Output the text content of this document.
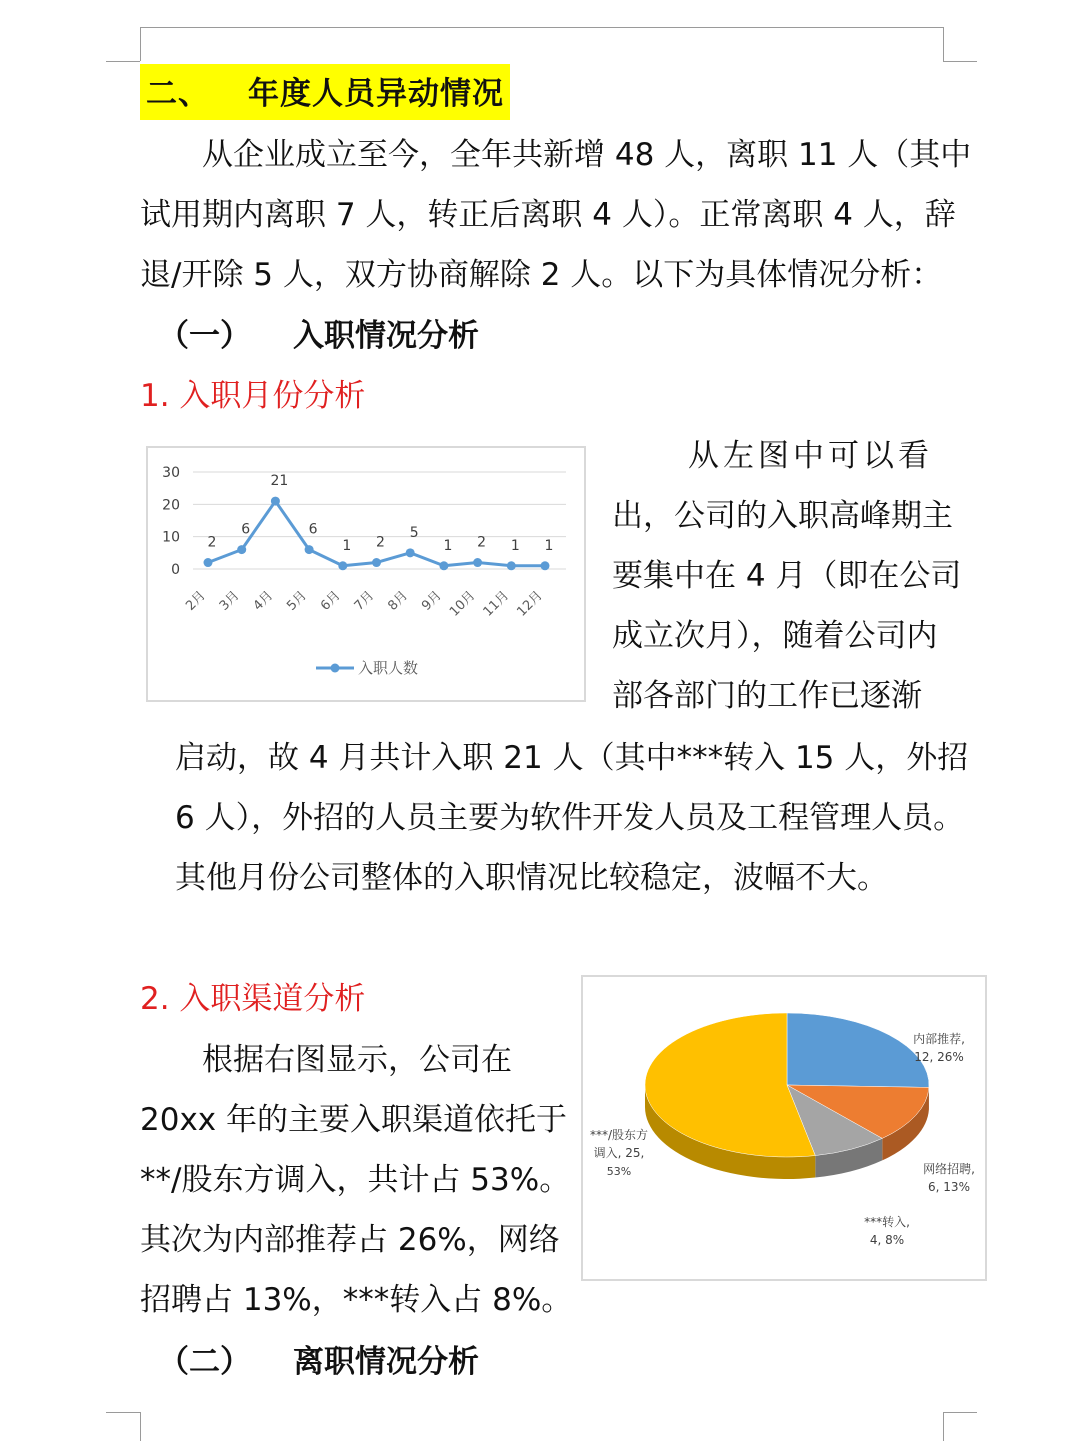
二、 年度人员异动情况
从企业成立至今，全年共新增 48 人，离职 11 人（其中
试用期内离职 7 人，转正后离职 4 人）。正常离职 4 人，辞
退/开除 5 人，双方协商解除 2 人。以下为具体情况分析：
（一） 入职情况分析
1. 入职月份分析
0
10
20
30
2
6
21
6
1 2
5
1 2 1 1
2月 3月 4月 5月 6月 7月 8月 9月 10月 11月 12月
入职人数
从左图中可以看
出，公司的入职高峰期主
要集中在 4 月（即在公司
成立次月），随着公司内
部各部门的工作已逐渐
启动，故 4 月共计入职 21 人（其中***转入 15 人，外招
6 人），外招的人员主要为软件开发人员及工程管理人员。
其他月份公司整体的入职情况比较稳定，波幅不大。
2. 入职渠道分析
根据右图显示，公司在
20xx 年的主要入职渠道依托于
**/股东方调入，共计占 53%。
其次为内部推荐占 26%，网络
招聘占 13%，***转入占 8%。
内部推荐,
12, 26%
网络招聘,
6, 13%
***转入,
4, 8%
***/股东方
调入, 25,
53%
（二） 离职情况分析
